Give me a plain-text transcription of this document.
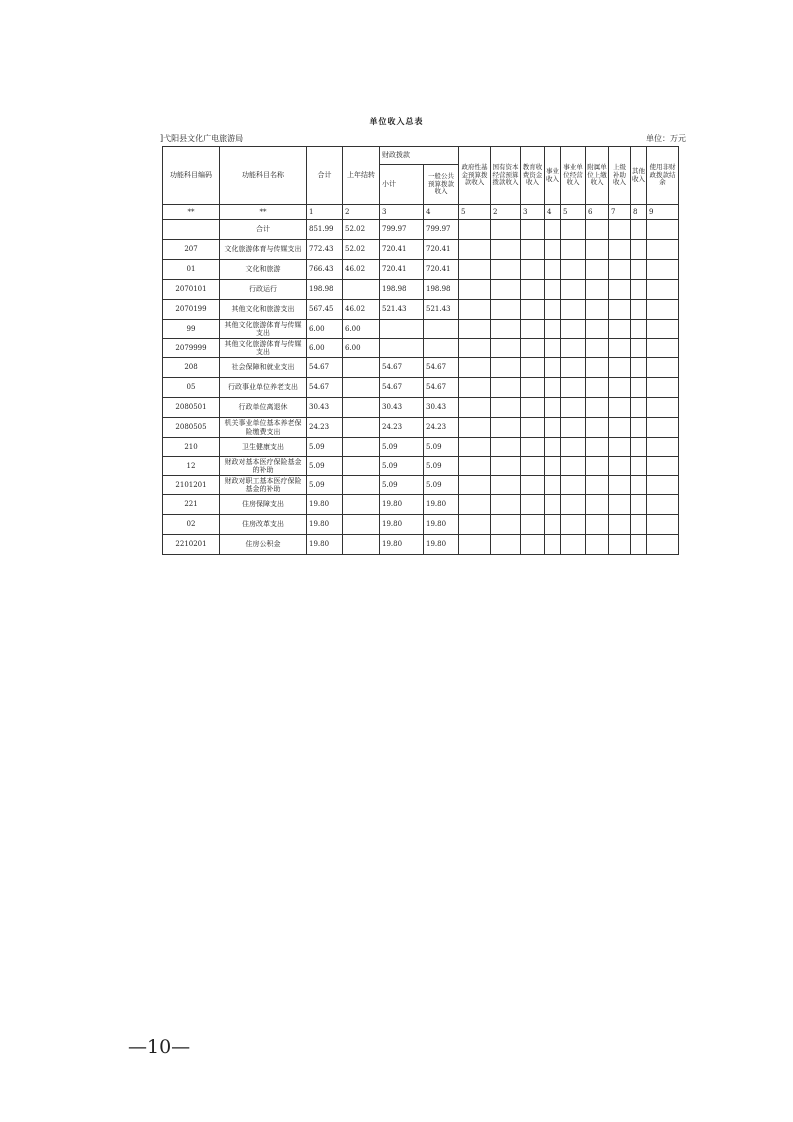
单位收入总表
]弋阳县文化广电旅游局	单位：万元
功能科目编码	功能科目名称	合计	上年结转	财政拨款		政府性基金预算拨款收入	国有资本经营预算拨款收入	教育收费资金收入	事业收入	事业单位经营收入	附属单位上缴收入	上级补助收入	其他收入	使用非财政拨款结余
				小计	一般公共预算拨款收入									
**	**	1	2	3	4	5	2	3	4	5	6	7	8	9
	合计	851.99	52.02	799.97	799.97									
207	文化旅游体育与传媒支出	772.43	52.02	720.41	720.41									
01	文化和旅游	766.43	46.02	720.41	720.41									
2070101	行政运行	198.98		198.98	198.98									
2070199	其他文化和旅游支出	567.45	46.02	521.43	521.43									
99	其他文化旅游体育与传媒支出	6.00	6.00											
2079999	其他文化旅游体育与传媒支出	6.00	6.00											
208	社会保障和就业支出	54.67		54.67	54.67									
05	行政事业单位养老支出	54.67		54.67	54.67									
2080501	行政单位离退休	30.43		30.43	30.43									
2080505	机关事业单位基本养老保险缴费支出	24.23		24.23	24.23									
210	卫生健康支出	5.09		5.09	5.09									
12	财政对基本医疗保险基金的补助	5.09		5.09	5.09									
2101201	财政对职工基本医疗保险基金的补助	5.09		5.09	5.09									
221	住房保障支出	19.80		19.80	19.80									
02	住房改革支出	19.80		19.80	19.80									
2210201	住房公积金	19.80		19.80	19.80									
—10—
